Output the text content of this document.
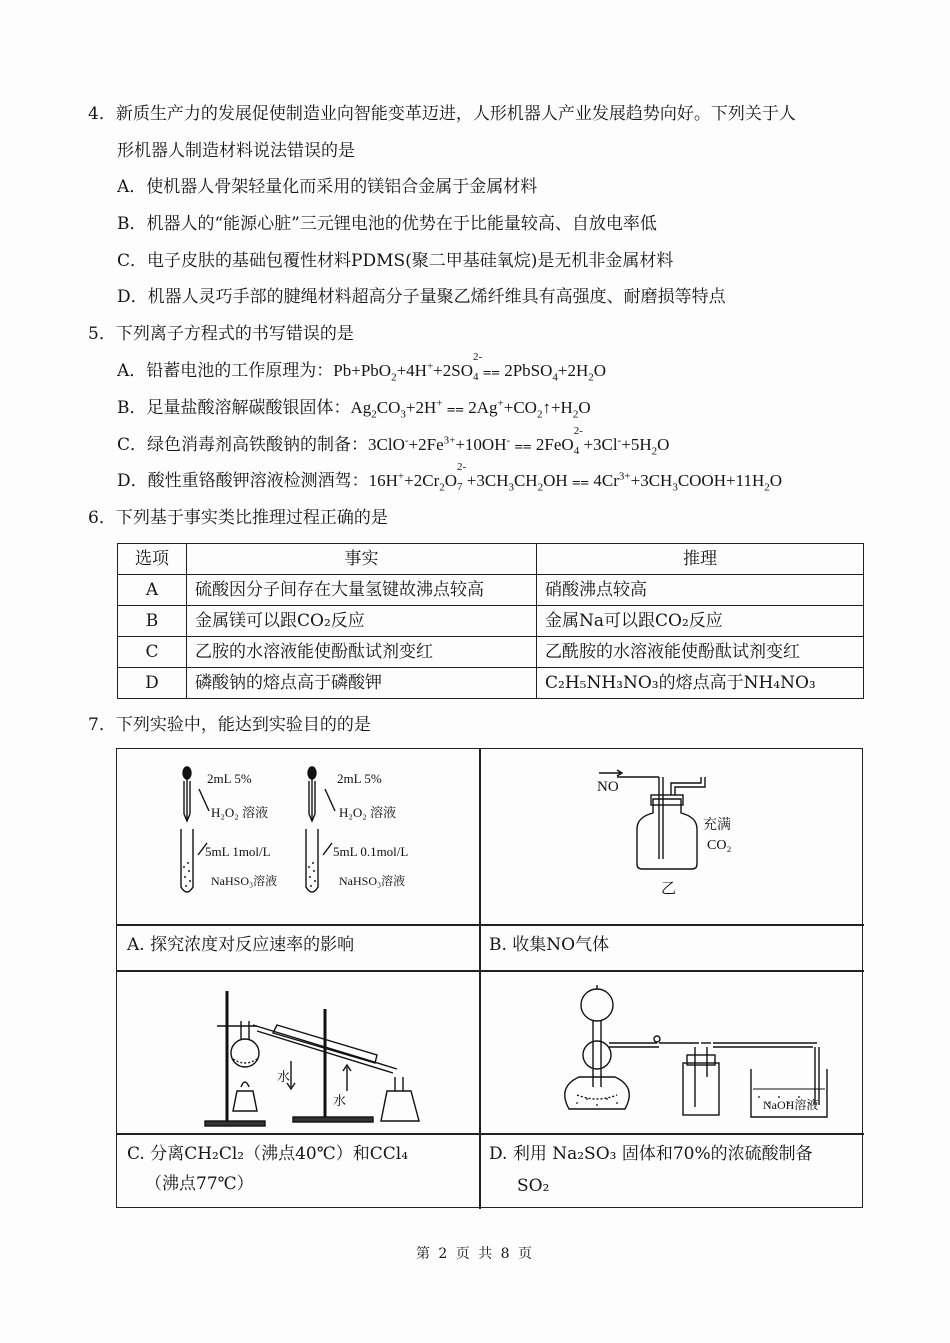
4．新质生产力的发展促使制造业向智能变革迈进，人形机器人产业发展趋势向好。下列关于人
形机器人制造材料说法错误的是
A．使机器人骨架轻量化而采用的镁铝合金属于金属材料
B．机器人的“能源心脏”三元锂电池的优势在于比能量较高、自放电率低
C．电子皮肤的基础包覆性材料PDMS(聚二甲基硅氧烷)是无机非金属材料
D．机器人灵巧手部的腱绳材料超高分子量聚乙烯纤维具有高强度、耐磨损等特点
5．下列离子方程式的书写错误的是
A．铅蓄电池的工作原理为：Pb+PbO$_2$+4H++2SO
$_{2- 4}$ ⩵ $2PbSO_4+2H_2O$
B．足量盐酸溶解碳酸银固体：$Ag_2CO_3+2H^+$ ⩵ $2Ag^++CO_2↑+H_2O$
C．绿色消毒剂高铁酸钠的制备：$3ClO^-+2Fe^{3+}+10OH^-$ ⩵ 2FeO
$_{2- 4} +3Cl^-+5H_2O$
D．酸性重铬酸钾溶液检测酒驾：$16H^++2Cr_2O$
$_{2- 7} +3CH_3CH_2OH$ ⩵ $4Cr^{3+}+3CH_3COOH+11H_2O$
6．下列基于事实类比推理过程正确的是
选项	事实	推理
A	硫酸因分子间存在大量氢键故沸点较高	硝酸沸点较高
B	金属镁可以跟CO₂反应	金属Na可以跟CO₂反应
C	乙胺的水溶液能使酚酞试剂变红	乙酰胺的水溶液能使酚酞试剂变红
D	磷酸钠的熔点高于磷酸钾	C₂H₅NH₃NO₃的熔点高于NH₄NO₃
7．下列实验中，能达到实验目的的是
2mL 5%
H₂O₂ 溶液
5mL 1mol/L
NaHSO₃溶液
2mL 5%
H₂O₂ 溶液
5mL 0.1mol/L
NaHSO₃溶液
A. 探究浓度对反应速率的影响
NO
充满
CO₂
乙
B. 收集NO气体
水
水
C. 分离CH₂Cl₂（沸点40℃）和CCl₄
（沸点77℃）
NaOH溶液
D. 利用 Na₂SO₃ 固体和70%的浓硫酸制备
SO₂
第 2 页 共 8 页
